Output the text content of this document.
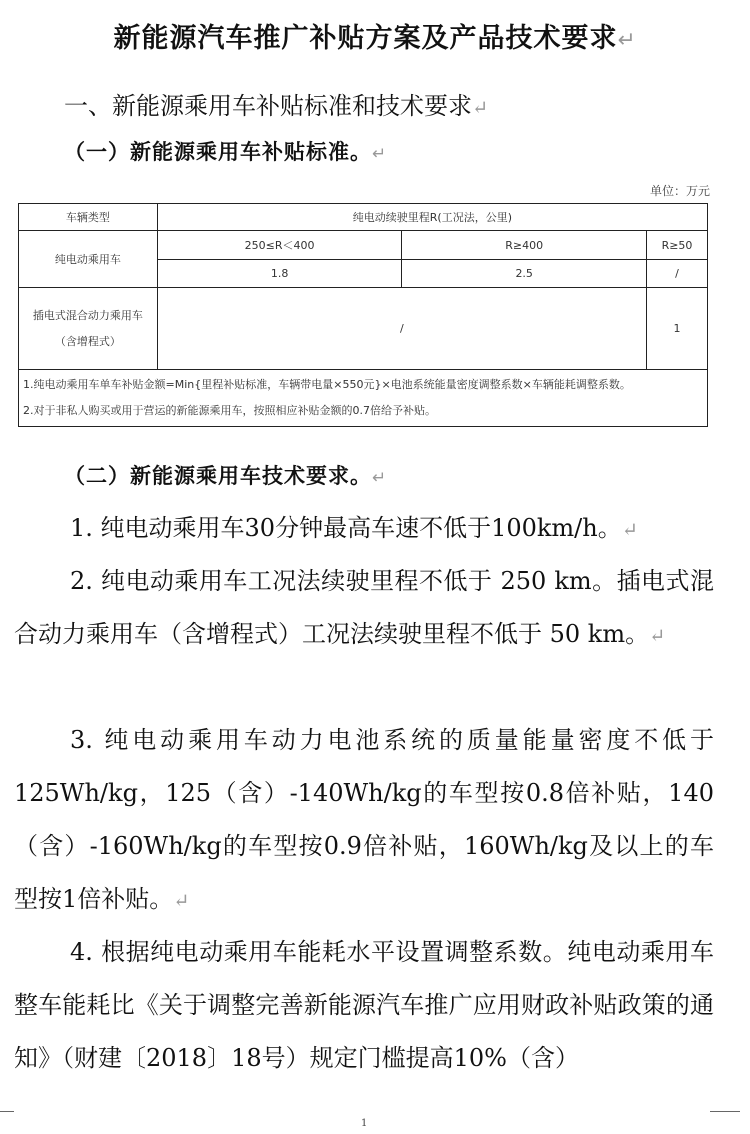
新能源汽车推广补贴方案及产品技术要求↵
一、新能源乘用车补贴标准和技术要求↵
（一）新能源乘用车补贴标准。↵
单位：万元
车辆类型	纯电动续驶里程R(工况法，公里)		
纯电动乘用车	250≤R＜400	R≥400	R≥50
	1.8	2.5	/
插电式混合动力乘用车（含增程式）	/		1

1.纯电动乘用车单车补贴金额=Min{里程补贴标准，车辆带电量×550元}×电池系统能量密度调整系数×车辆能耗调整系数。
2.对于非私人购买或用于营运的新能源乘用车，按照相应补贴金额的0.7倍给予补贴。			
（二）新能源乘用车技术要求。↵
1. 纯电动乘用车30分钟最高车速不低于100km/h。↵
2. 纯电动乘用车工况法续驶里程不低于 250 km。插电式混合动力乘用车（含增程式）工况法续驶里程不低于 50 km。↵
3. 纯电动乘用车动力电池系统的质量能量密度不低于125Wh/kg，125（含）-140Wh/kg的车型按0.8倍补贴，140（含）-160Wh/kg的车型按0.9倍补贴，160Wh/kg及以上的车型按1倍补贴。↵
4. 根据纯电动乘用车能耗水平设置调整系数。纯电动乘用车整车能耗比《关于调整完善新能源汽车推广应用财政补贴政策的通知》（财建〔2018〕18号）规定门槛提高10%（含）
1
